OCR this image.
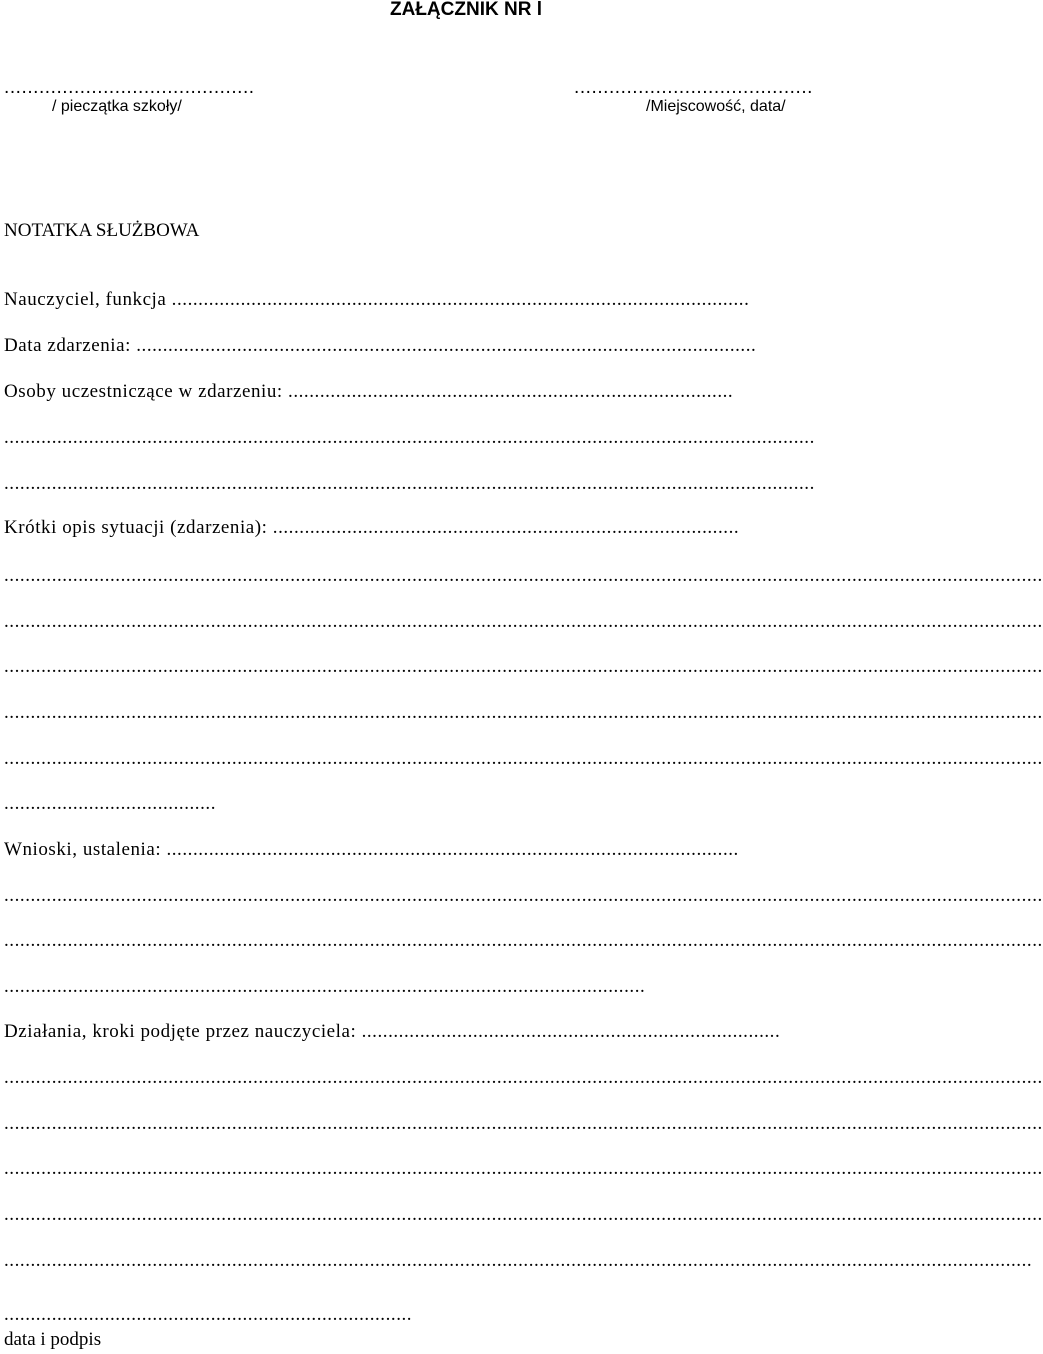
ZAŁĄCZNIK NR l
...........................................
/ pieczątka szkoły/
.........................................
/Miejscowość, data/
NOTATKA SŁUŻBOWA
Nauczyciel, funkcja .............................................................................................................
Data zdarzenia: .....................................................................................................................
Osoby uczestniczące w zdarzeniu: ....................................................................................
.........................................................................................................................................................
.........................................................................................................................................................
Krótki opis sytuacji (zdarzenia): ........................................................................................
....................................................................................................................................................................................................
....................................................................................................................................................................................................
....................................................................................................................................................................................................
....................................................................................................................................................................................................
....................................................................................................................................................................................................
........................................
Wnioski, ustalenia: ............................................................................................................
....................................................................................................................................................................................................
....................................................................................................................................................................................................
.........................................................................................................................
Działania, kroki podjęte przez nauczyciela: ...............................................................................
....................................................................................................................................................................................................
....................................................................................................................................................................................................
....................................................................................................................................................................................................
....................................................................................................................................................................................................
..................................................................................................................................................................................................
.............................................................................
data i podpis
